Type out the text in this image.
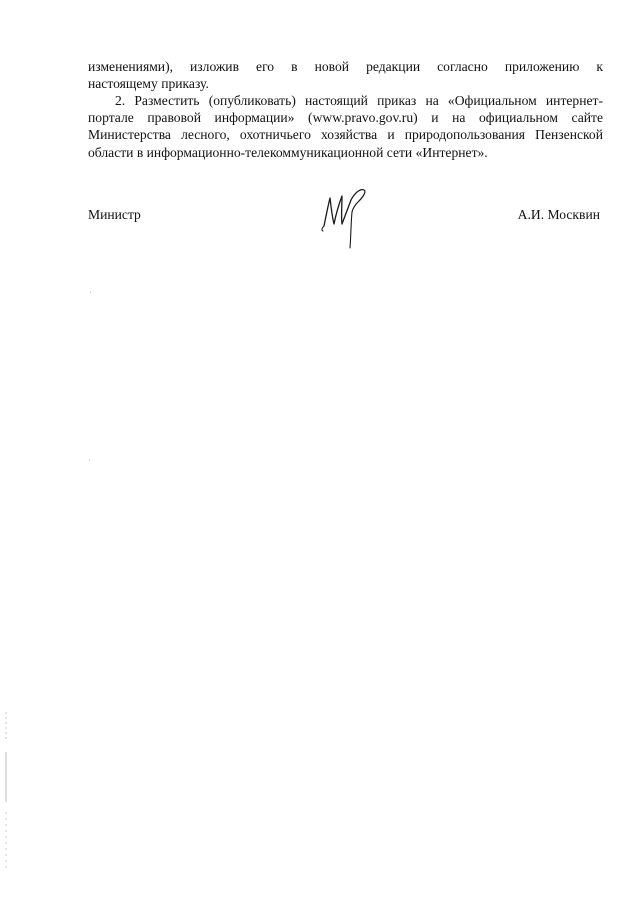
изменениями), изложив его в новой редакции согласно приложению к
настоящему приказу.
2. Разместить (опубликовать) настоящий приказ на «Официальном интернет-
портале правовой информации» (www.pravo.gov.ru) и на официальном сайте
Министерства лесного, охотничьего хозяйства и природопользования Пензенской
области в информационно-телекоммуникационной сети «Интернет».
Министр	А.И. Москвин
